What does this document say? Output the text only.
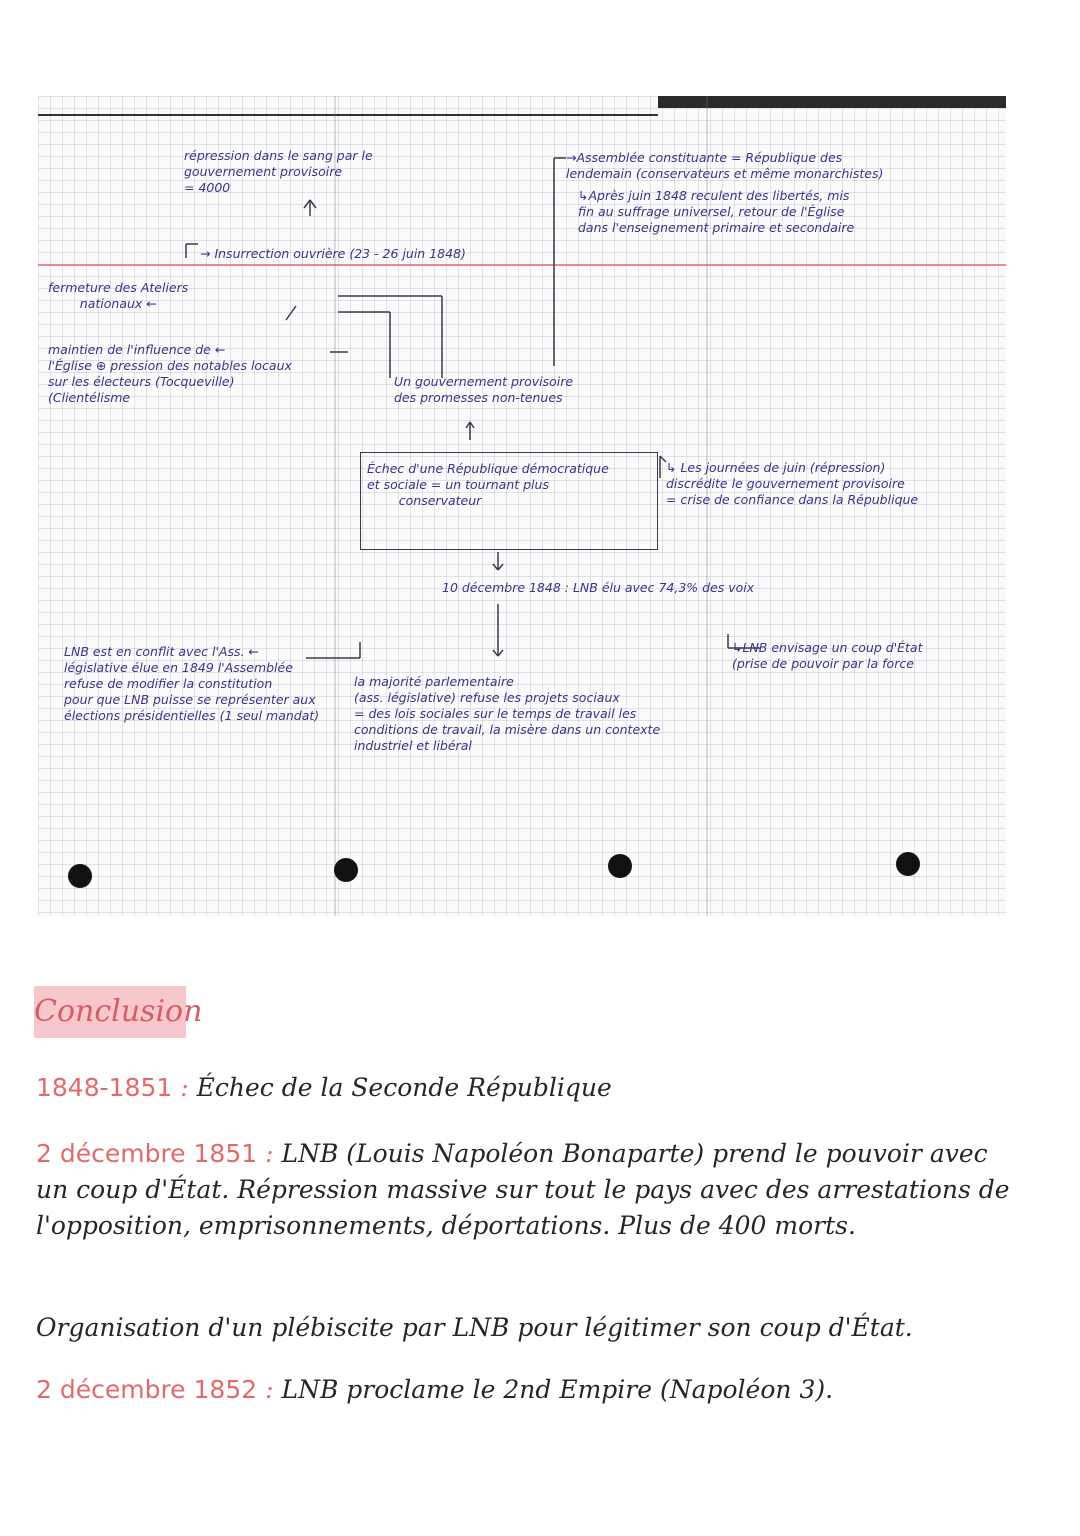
répression dans le sang par le
gouvernement provisoire
= 4000
→Assemblée constituante = République des
lendemain (conservateurs et même monarchistes)
↳Après juin 1848 reculent des libertés, mis
fin au suffrage universel, retour de l'Église
dans l'enseignement primaire et secondaire
→ Insurrection ouvrière (23 - 26 juin 1848)
fermeture des Ateliers
nationaux ←
maintien de l'influence de ←
l'Église ⊕ pression des notables locaux
sur les électeurs (Tocqueville)
(Clientélisme
Un gouvernement provisoire
des promesses non-tenues
Échec d'une République démocratique
et sociale = un tournant plus
conservateur
↳ Les journées de juin (répression)
discrédite le gouvernement provisoire
= crise de confiance dans la République
10 décembre 1848 : LNB élu avec 74,3% des voix
LNB est en conflit avec l'Ass. ←
législative élue en 1849 l'Assemblée
refuse de modifier la constitution
pour que LNB puisse se représenter aux
élections présidentielles (1 seul mandat)
la majorité parlementaire
(ass. législative) refuse les projets sociaux
= des lois sociales sur le temps de travail les
conditions de travail, la misère dans un contexte
industriel et libéral
↳LNB envisage un coup d'État
(prise de pouvoir par la force
Conclusion

1848-1851 : Échec de la Seconde République

2 décembre 1851 : LNB (Louis Napoléon Bonaparte) prend le pouvoir avec un coup d'État. Répression massive sur tout le pays avec des arrestations de l'opposition, emprisonnements, déportations. Plus de 400 morts.

Organisation d'un plébiscite par LNB pour légitimer son coup d'État.

2 décembre 1852 : LNB proclame le 2nd Empire (Napoléon 3).
